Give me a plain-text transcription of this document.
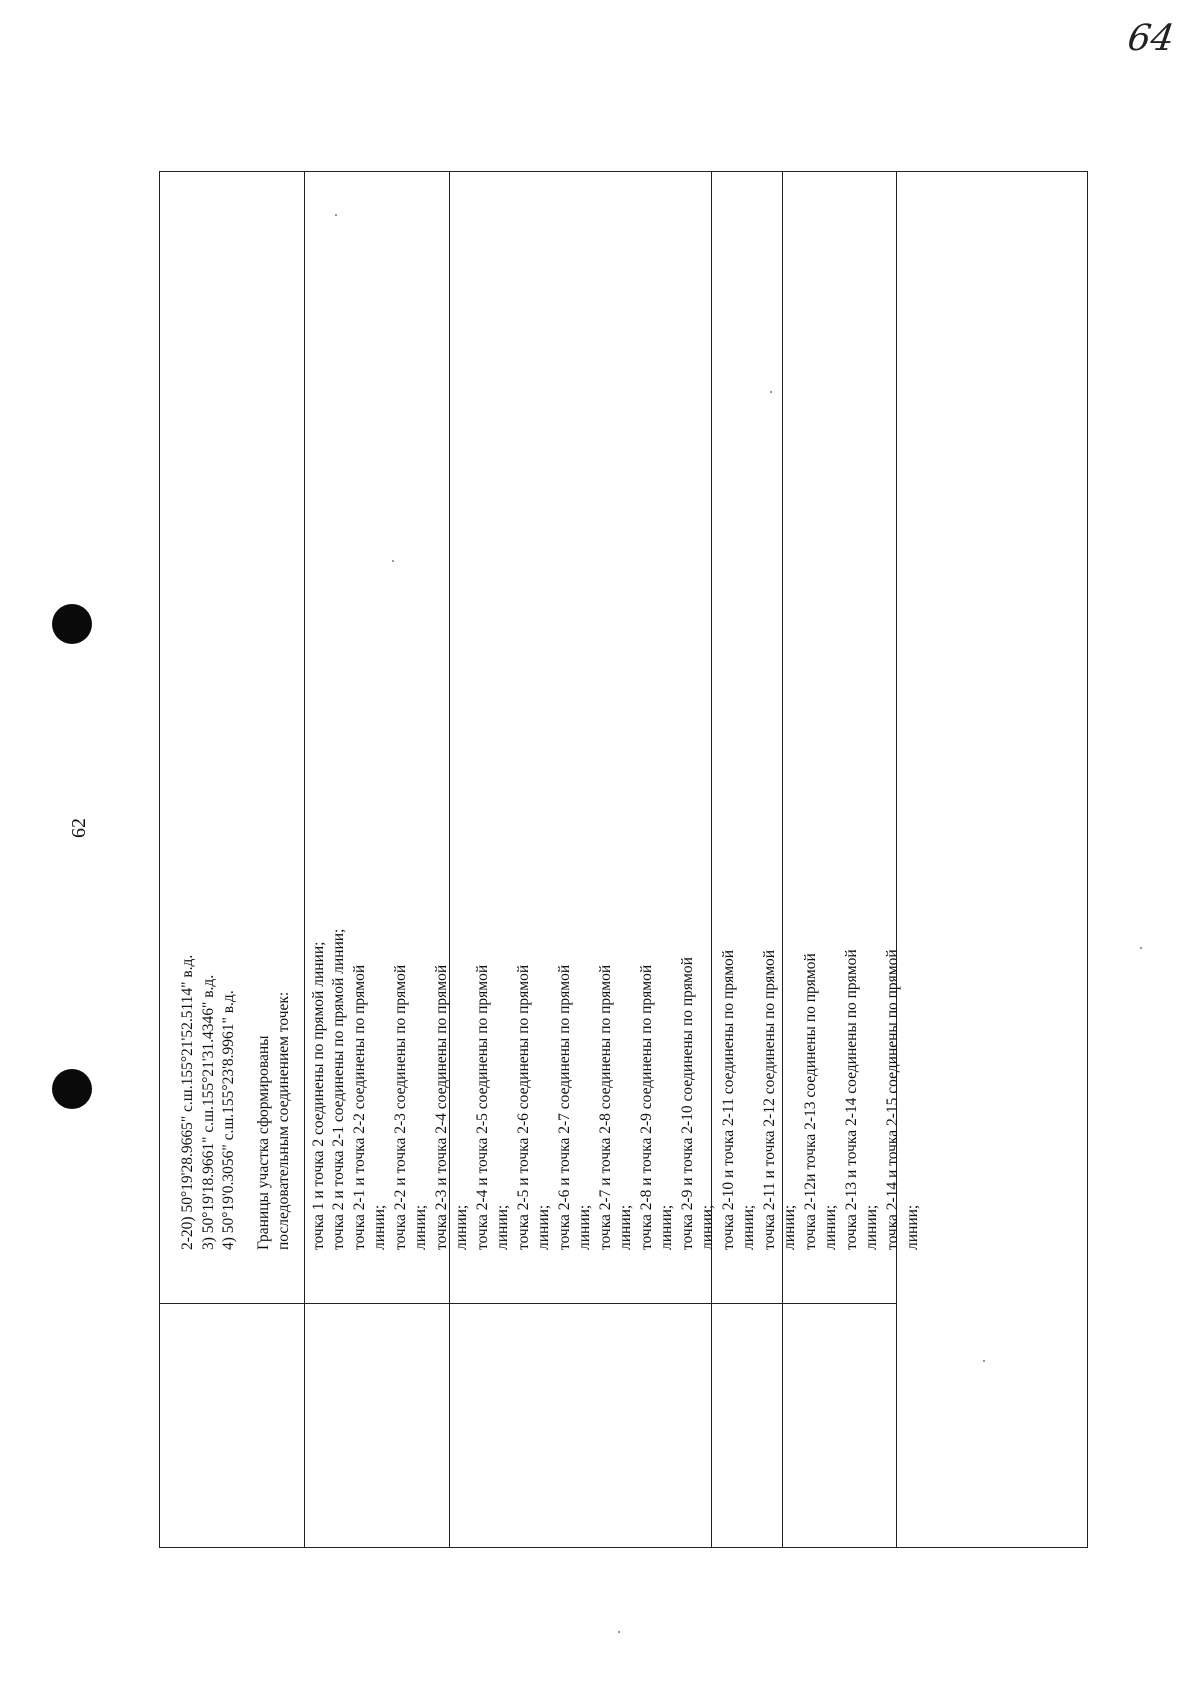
64
62
2-20) 50°19'28.9665" с.ш.155°21'52.5114" в.д. 3) 50°19'18.9661" с.ш.155°21'31.4346" в.д. 4) 50°19'0.3056" с.ш.155°23'8.9961" в.д. Границы участка сформированы последовательным соединением точек: точка 1 и точка 2 соединены по прямой линии; точка 2 и точка 2-1 соединены по прямой линии; точка 2-1 и точка 2-2 соединены по прямой линии; точка 2-2 и точка 2-3 соединены по прямой линии; точка 2-3 и точка 2-4 соединены по прямой линии; точка 2-4 и точка 2-5 соединены по прямой линии; точка 2-5 и точка 2-6 соединены по прямой линии; точка 2-6 и точка 2-7 соединены по прямой линии; точка 2-7 и точка 2-8 соединены по прямой линии; точка 2-8 и точка 2-9 соединены по прямой линии; точка 2-9 и точка 2-10 соединены по прямой линии; точка 2-10 и точка 2-11 соединены по прямой линии; точка 2-11 и точка 2-12 соединены по прямой линии; точка 2-12и точка 2-13 соединены по прямой линии; точка 2-13 и точка 2-14 соединены по прямой линии; точка 2-14 и точка 2-15 соединены по прямой линии;
